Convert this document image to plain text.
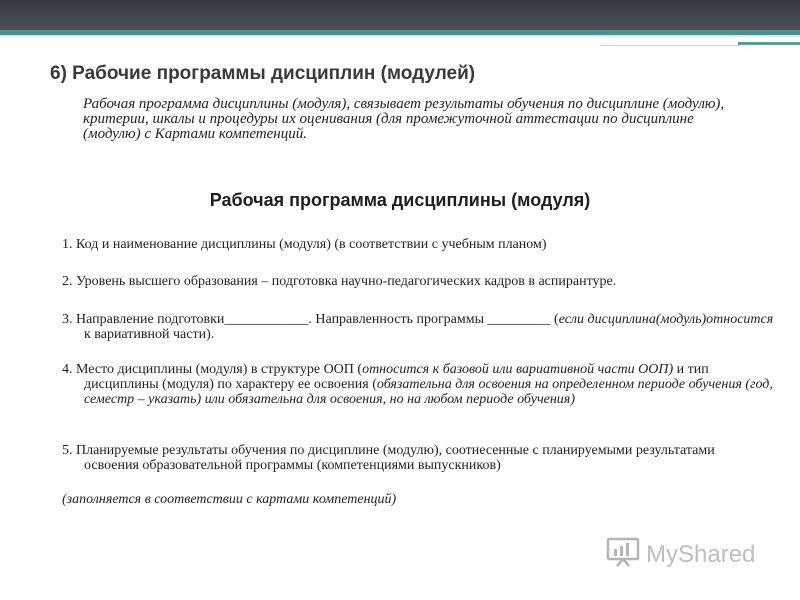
6) Рабочие программы дисциплин (модулей)
Рабочая программа дисциплины (модуля), связывает результаты обучения по дисциплине (модулю), критерии, шкалы и процедуры их оценивания (для промежуточной аттестации по дисциплине (модулю) с Картами компетенций.
Рабочая программа дисциплины (модуля)
1. Код и наименование дисциплины (модуля) (в соответствии с учебным планом)
2. Уровень высшего образования – подготовка научно-педагогических кадров в аспирантуре.
3. Направление подготовки____________. Направленность программы _________ (если дисциплина(модуль)относится к вариативной части).
4. Место дисциплины (модуля) в структуре ООП (относится к базовой или вариативной части ООП) и тип дисциплины (модуля) по характеру ее освоения (обязательна для освоения на определенном периоде обучения (год, семестр – указать) или обязательна для освоения, но на любом периоде обучения)
5. Планируемые результаты обучения по дисциплине (модулю), соотнесенные с планируемыми результатами освоения образовательной программы (компетенциями выпускников)
(заполняется в соответствии с картами компетенций)
MyShared
